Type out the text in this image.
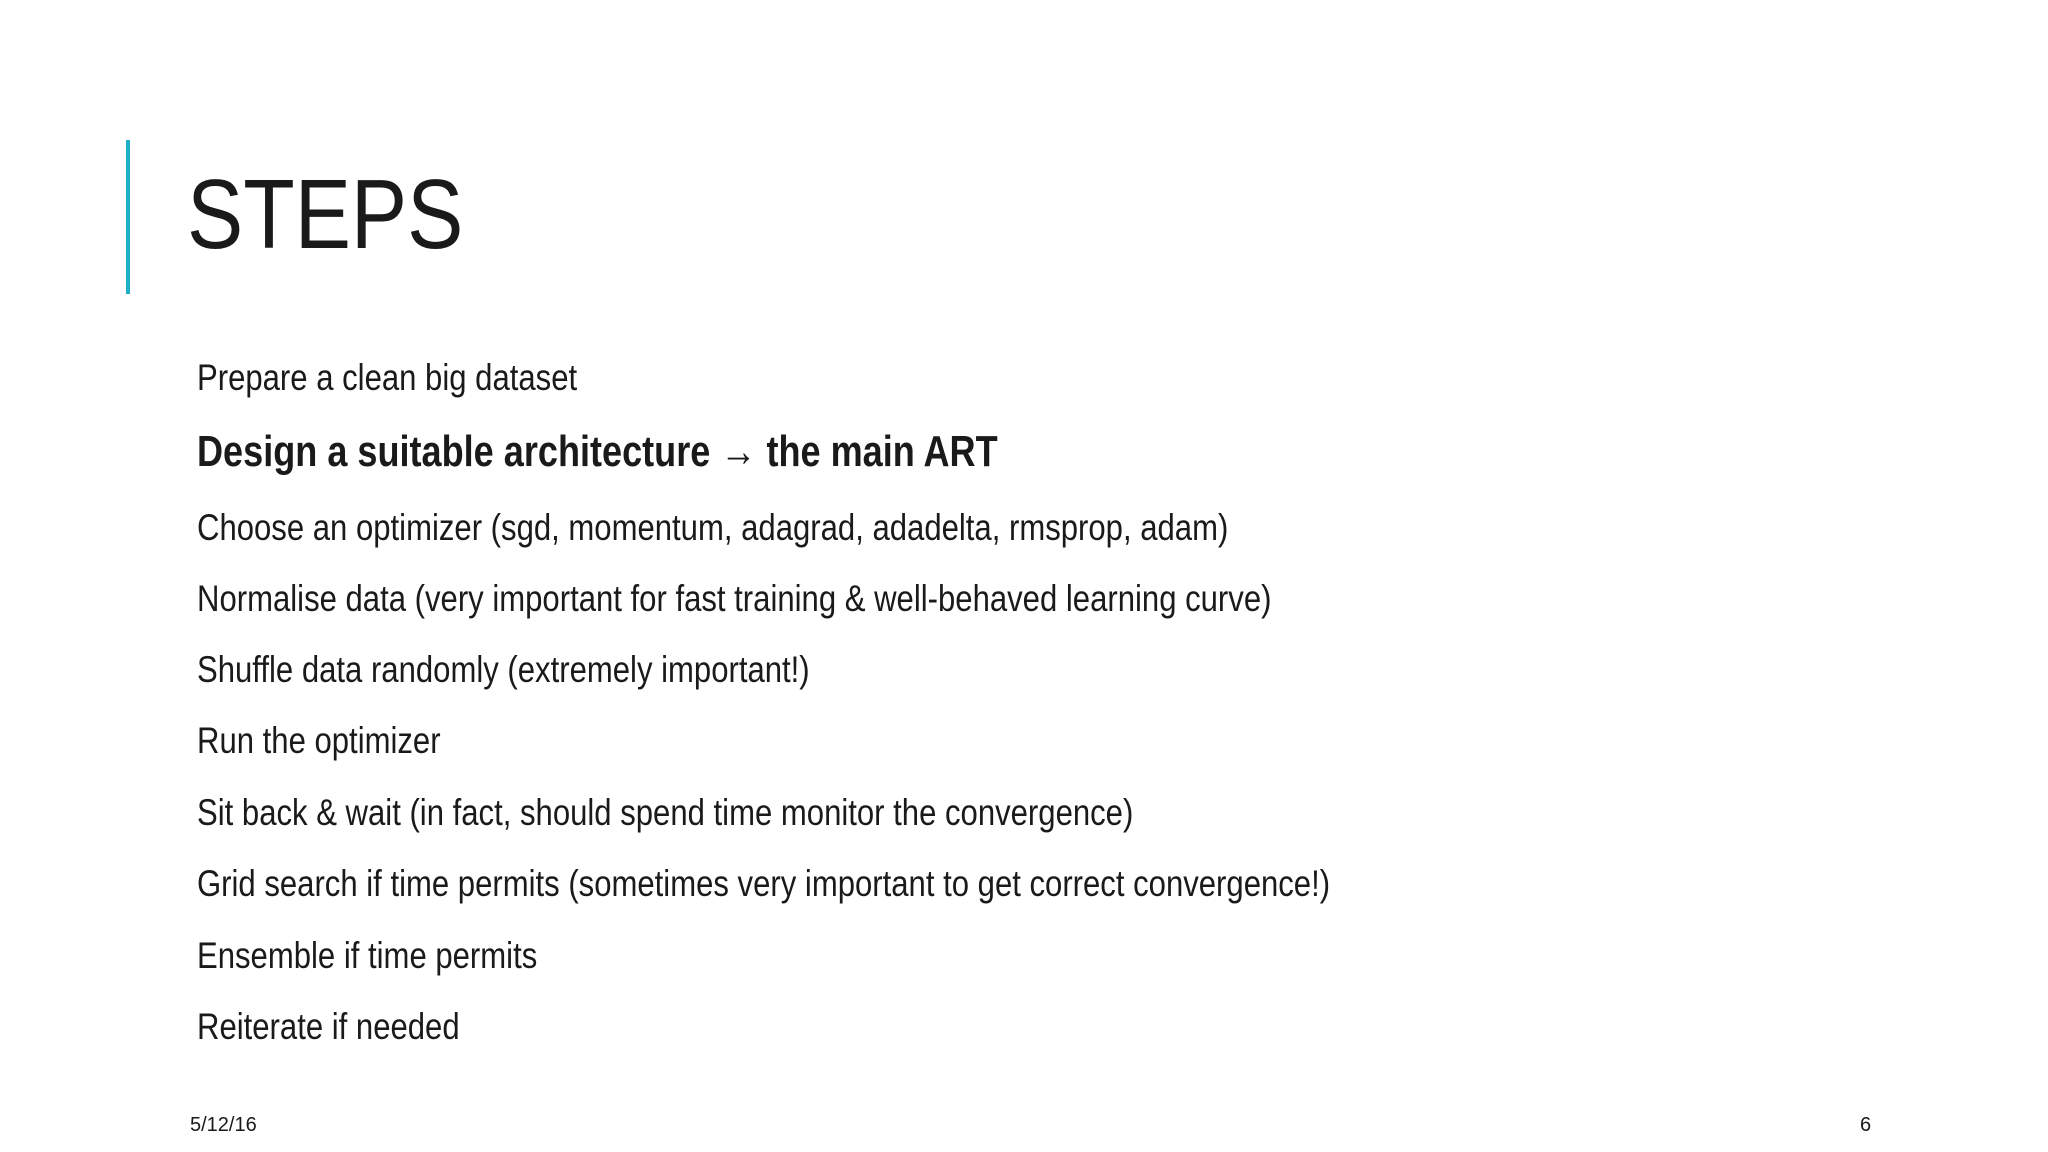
STEPS
Prepare a clean big dataset
Design a suitable architecture → the main ART
Choose an optimizer (sgd, momentum, adagrad, adadelta, rmsprop, adam)
Normalise data (very important for fast training & well-behaved learning curve)
Shuffle data randomly (extremely important!)
Run the optimizer
Sit back & wait (in fact, should spend time monitor the convergence)
Grid search if time permits (sometimes very important to get correct convergence!)
Ensemble if time permits
Reiterate if needed
5/12/16	6
